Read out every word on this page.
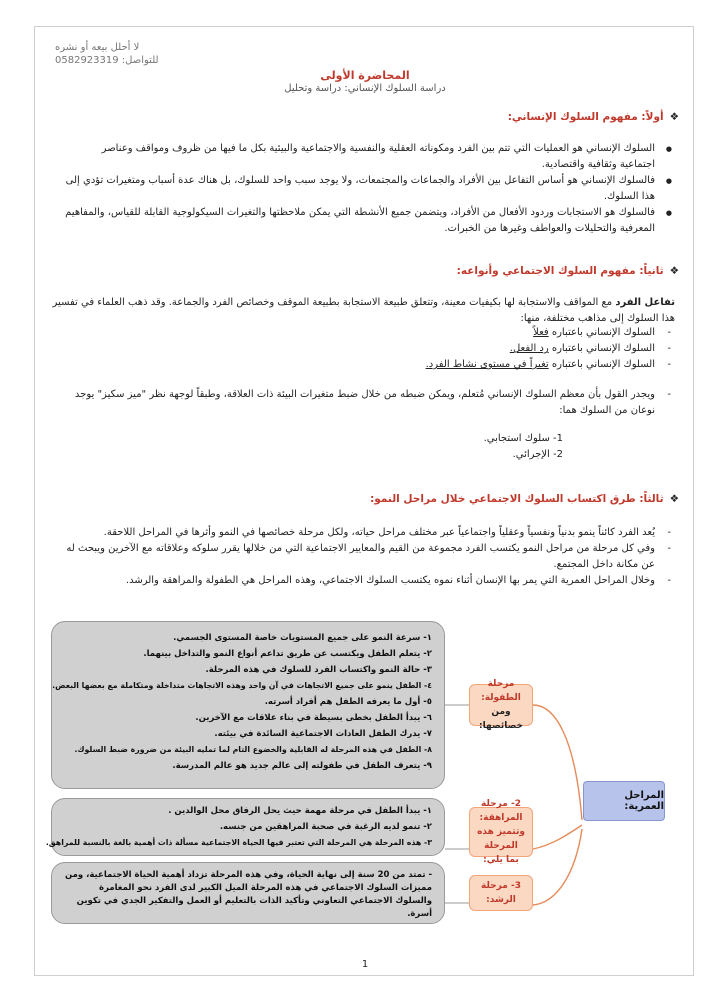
لا أحلل بيعه أو نشره
للتواصل: 0582923319
المحاضرة الأولى
دراسة السلوك الإنساني: دراسة وتحليل
❖أولاً: مفهوم السلوك الإنساني:
● السلوك الإنساني هو العمليات التي تتم بين الفرد ومكوناته العقلية والنفسية والاجتماعية والبيئية بكل ما فيها من ظروف ومواقف وعناصر اجتماعية وثقافية واقتصادية.
● فالسلوك الإنساني هو أساس التفاعل بين الأفراد والجماعات والمجتمعات، ولا يوجد سبب واحد للسلوك، بل هناك عدة أسباب ومتغيرات تؤدي إلى هذا السلوك.
● فالسلوك هو الاستجابات وردود الأفعال من الأفراد، ويتضمن جميع الأنشطة التي يمكن ملاحظتها والتغيرات السيكولوجية القابلة للقياس، والمفاهيم المعرفية والتحليلات والعواطف وغيرها من الخبرات.
❖ثانياً: مفهوم السلوك الاجتماعي وأنواعه:
تفاعل الفرد مع المواقف والاستجابة لها بكيفيات معينة، وتتعلق طبيعة الاستجابة بطبيعة الموقف وخصائص الفرد والجماعة. وقد ذهب العلماء في تفسير هذا السلوك إلى مذاهب مختلفة، منها:
- السلوك الإنساني باعتباره فعلاً
- السلوك الإنساني باعتباره رد الفعل.
- السلوك الإنساني باعتباره تغيراً في مستوى نشاط الفرد.
- ويجدر القول بأن معظم السلوك الإنساني مُتعلم، ويمكن ضبطه من خلال ضبط متغيرات البيئة ذات العلاقة، وطبقاً لوجهة نظر "ميز سكيز" يوجد نوعان من السلوك هما:
1- سلوك استجابي.
2- الإجرائي.
❖ثالثاً: طرق اكتساب السلوك الاجتماعي خلال مراحل النمو:
- يُعد الفرد كائناً ينمو بدنياً ونفسياً وعقلياً واجتماعياً عبر مختلف مراحل حياته، ولكل مرحلة خصائصها في النمو وأثرها في المراحل اللاحقة.
- وفي كل مرحلة من مراحل النمو يكتسب الفرد مجموعة من القيم والمعايير الاجتماعية التي من خلالها يقرر سلوكه وعلاقاته مع الآخرين ويبحث له عن مكانة داخل المجتمع.
- وخلال المراحل العمرية التي يمر بها الإنسان أثناء نموه يكتسب السلوك الاجتماعي، وهذه المراحل هي الطفولة والمراهقة والرشد.
المراحل العمرية:
مرحلة الطفولة:
ومن خصائصها:
١- سرعة النمو على جميع المستويات خاصة المستوى الجسمي.
٢- يتعلم الطفل ويكتسب عن طريق تداعم أنواع النمو والتداخل بينهما.
٣- حالة النمو واكتساب الفرد للسلوك في هذه المرحلة.
٤- الطفل ينمو على جميع الاتجاهات في آن واحد وهذه الاتجاهات متداخلة ومتكاملة مع بعضها البعض.
٥- أول ما يعرفه الطفل هم أفراد أسرته.
٦- يبدأ الطفل بخطى بسيطة في بناء علاقات مع الآخرين.
٧- يدرك الطفل العادات الاجتماعية السائدة في بيئته.
٨- الطفل في هذه المرحلة له القابلية والخضوع التام لما تمليه البيئة من ضرورة ضبط السلوك.
٩- يتعرف الطفل في طفولته إلى عالم جديد هو عالم المدرسة.
2- مرحلة المراهقة:
وتتميز هذه المرحلة
بما يلي:
١- يبدأ الطفل في مرحلة مهمة حيث يحل الرفاق محل الوالدين .
٢- تنمو لديه الرغبة في صحبة المراهقين من جنسه.
٣- هذه المرحلة هي المرحلة التي تعتبر فيها الحياة الاجتماعية مسألة ذات أهمية بالغة بالنسبة للمراهق.
3- مرحلة الرشد:
- تمتد من 20 سنة إلى نهاية الحياة، وفي هذه المرحلة تزداد أهمية الحياة الاجتماعية، ومن مميزات السلوك الاجتماعي في هذه المرحلة الميل الكبير لدى الفرد نحو المغامرة والسلوك الاجتماعي التعاوني وتأكيد الذات بالتعليم أو العمل والتفكير الجدي في تكوين أسرة.
1
